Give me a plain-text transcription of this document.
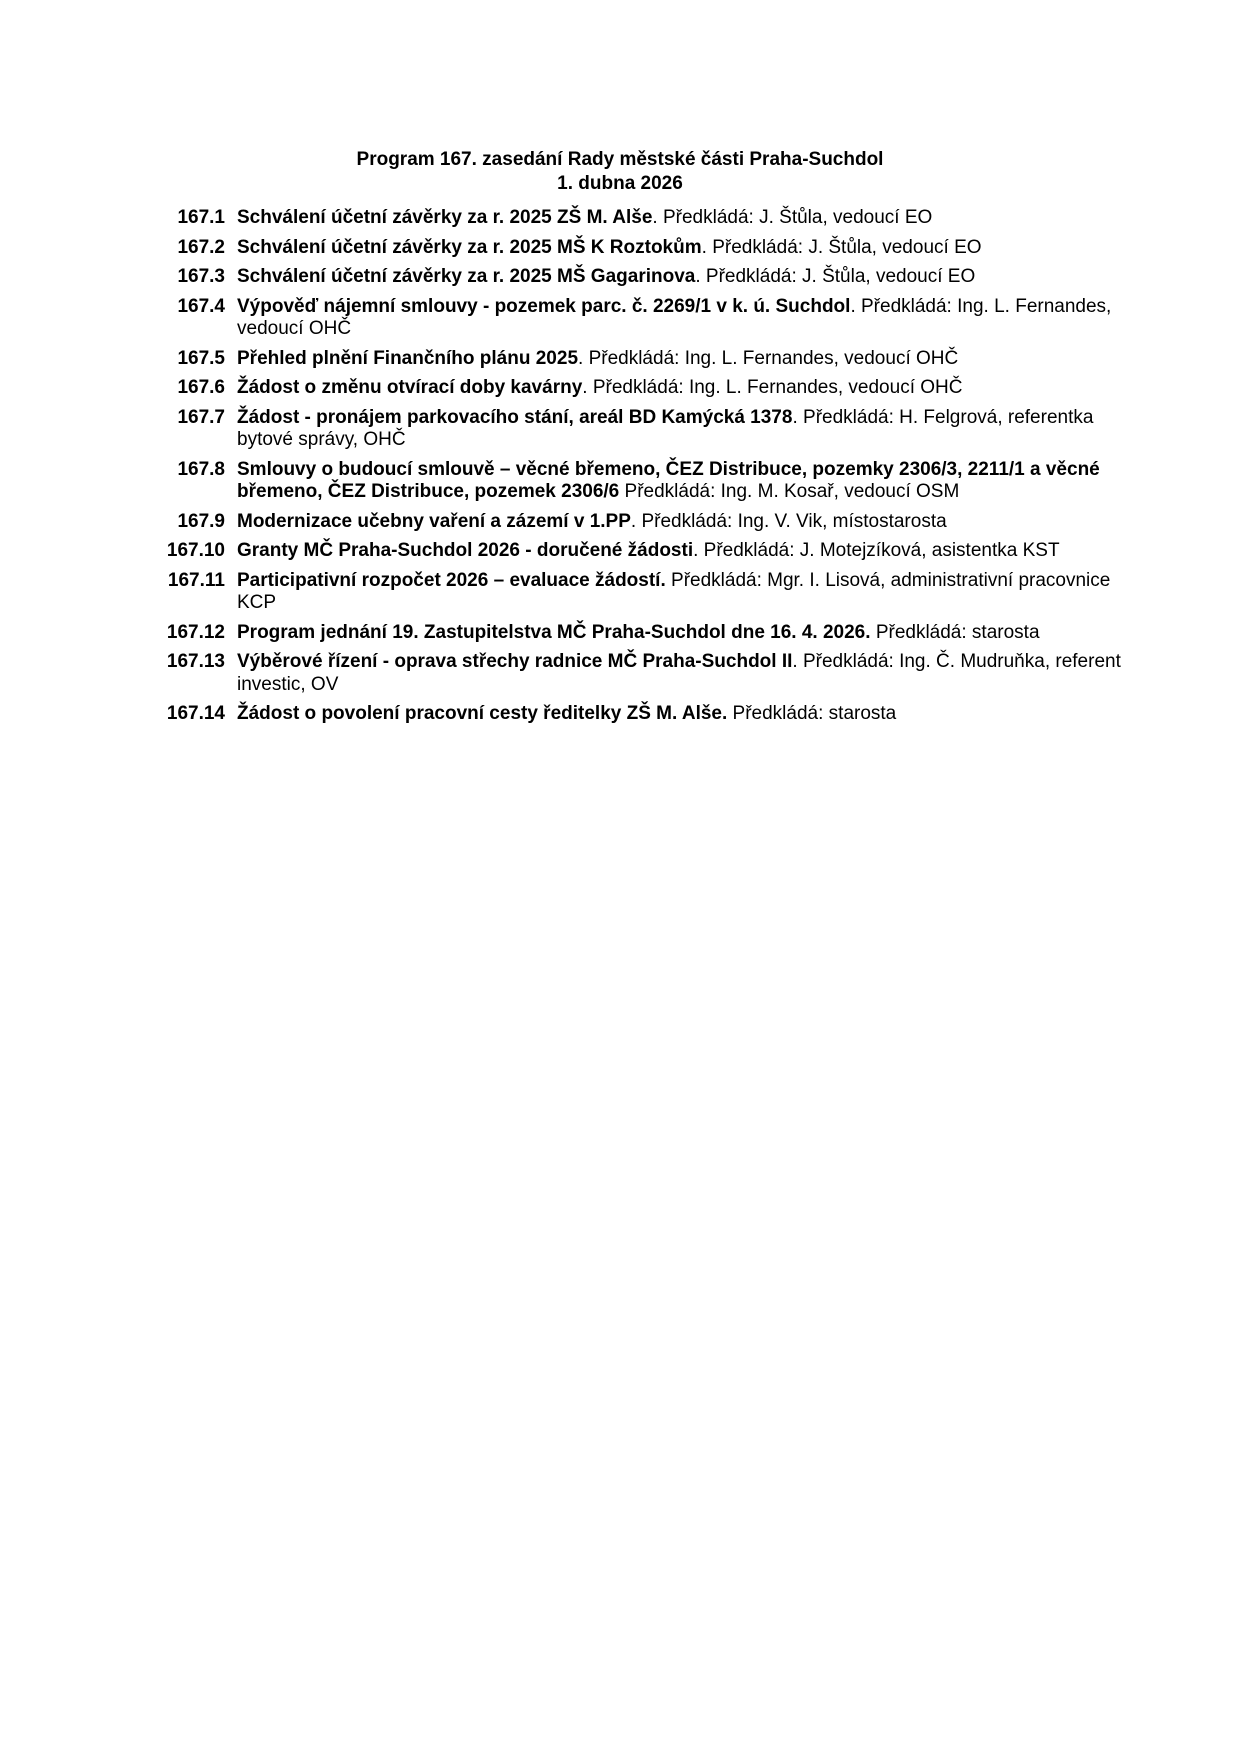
Program 167. zasedání Rady městské části Praha-Suchdol
1. dubna 2026
167.1 Schválení účetní závěrky za r. 2025 ZŠ M. Alše. Předkládá: J. Štůla, vedoucí EO
167.2 Schválení účetní závěrky za r. 2025 MŠ K Roztokům. Předkládá: J. Štůla, vedoucí EO
167.3 Schválení účetní závěrky za r. 2025 MŠ Gagarinova. Předkládá: J. Štůla, vedoucí EO
167.4 Výpověď nájemní smlouvy - pozemek parc. č. 2269/1 v k. ú. Suchdol. Předkládá: Ing. L. Fernandes, vedoucí OHČ
167.5 Přehled plnění Finančního plánu 2025. Předkládá: Ing. L. Fernandes, vedoucí OHČ
167.6 Žádost o změnu otvírací doby kavárny. Předkládá: Ing. L. Fernandes, vedoucí OHČ
167.7 Žádost - pronájem parkovacího stání, areál BD Kamýcká 1378. Předkládá: H. Felgrová, referentka bytové správy, OHČ
167.8 Smlouvy o budoucí smlouvě – věcné břemeno, ČEZ Distribuce, pozemky 2306/3, 2211/1 a věcné břemeno, ČEZ Distribuce, pozemek 2306/6 Předkládá: Ing. M. Kosař, vedoucí OSM
167.9 Modernizace učebny vaření a zázemí v 1.PP. Předkládá: Ing. V. Vik, místostarosta
167.10 Granty MČ Praha-Suchdol 2026 - doručené žádosti. Předkládá: J. Motejzíková, asistentka KST
167.11 Participativní rozpočet 2026 – evaluace žádostí. Předkládá: Mgr. I. Lisová, administrativní pracovnice KCP
167.12 Program jednání 19. Zastupitelstva MČ Praha-Suchdol dne 16. 4. 2026. Předkládá: starosta
167.13 Výběrové řízení - oprava střechy radnice MČ Praha-Suchdol II. Předkládá: Ing. Č. Mudruňka, referent investic, OV
167.14 Žádost o povolení pracovní cesty ředitelky ZŠ M. Alše. Předkládá: starosta
